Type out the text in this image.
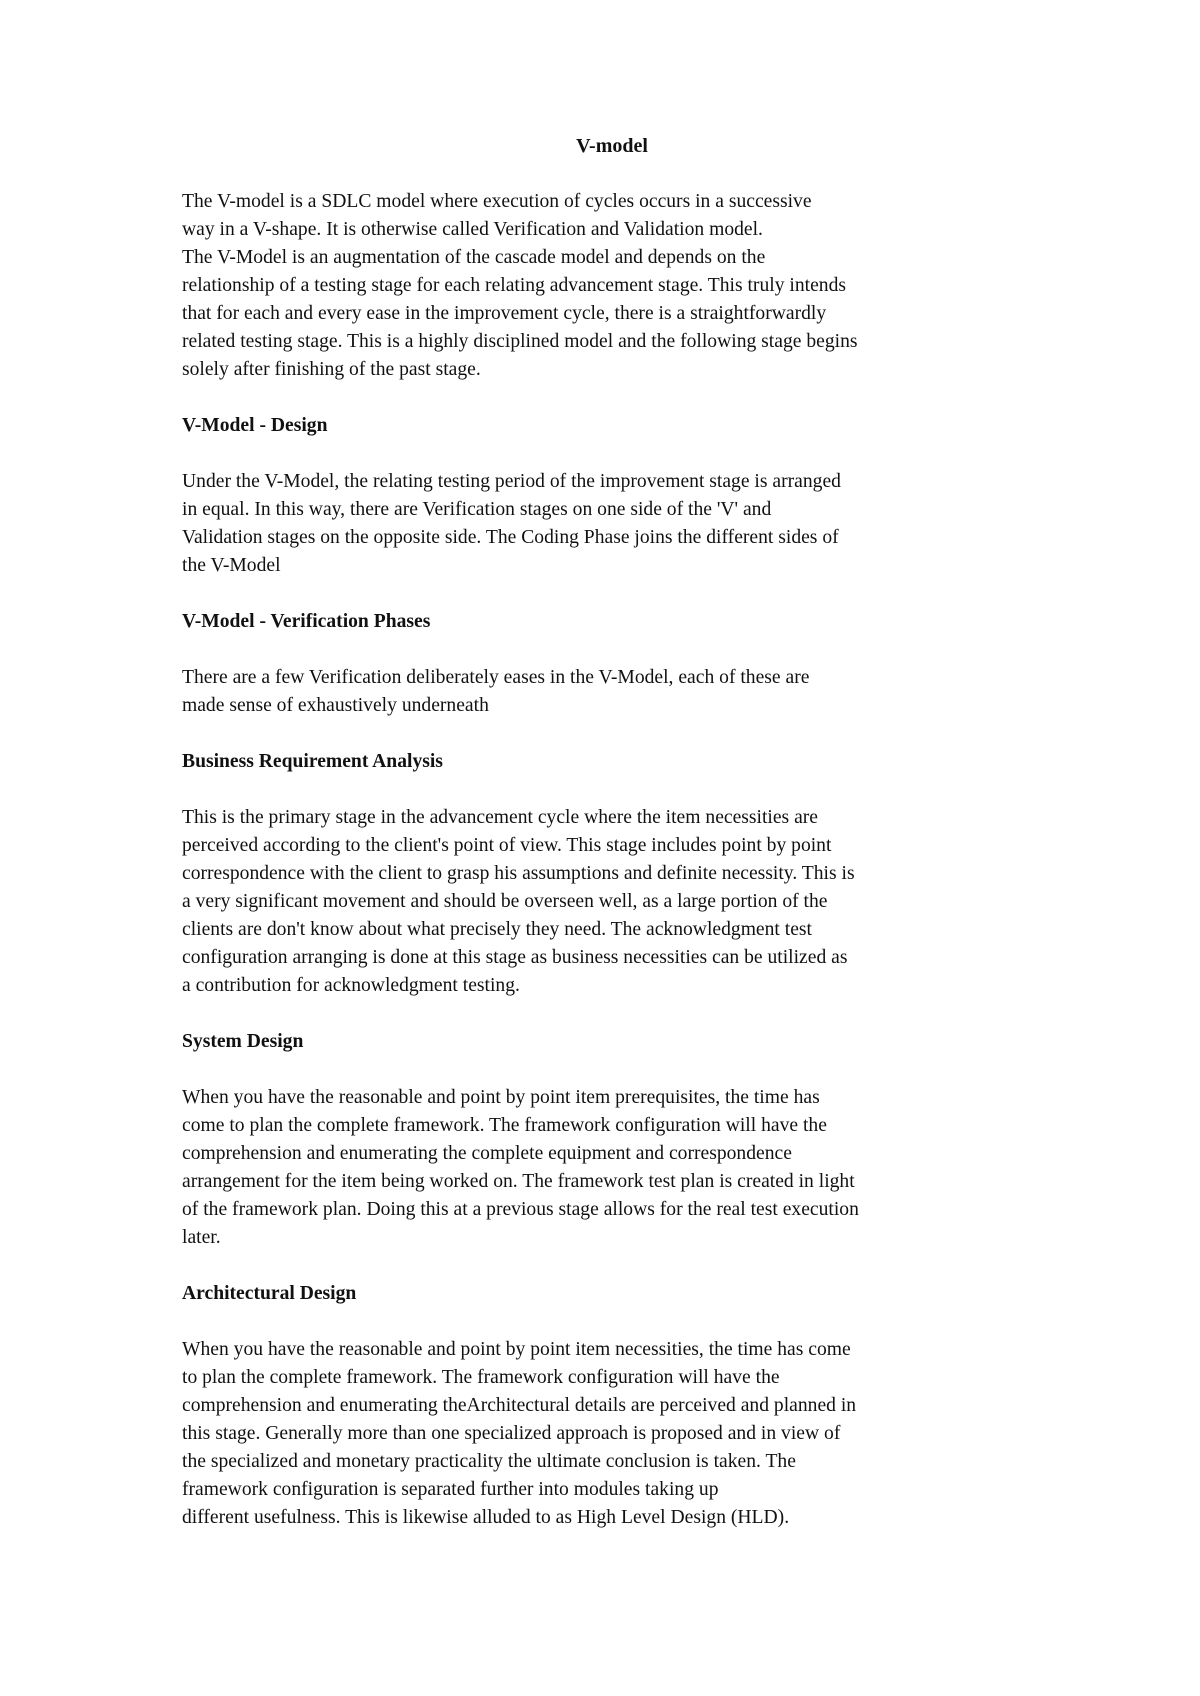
V-model
The V-model is a SDLC model where execution of cycles occurs in a successive
way in a V-shape. It is otherwise called Verification and Validation model.
The V-Model is an augmentation of the cascade model and depends on the
relationship of a testing stage for each relating advancement stage. This truly intends
that for each and every ease in the improvement cycle, there is a straightforwardly
related testing stage. This is a highly disciplined model and the following stage begins
solely after finishing of the past stage.
V-Model - Design
Under the V-Model, the relating testing period of the improvement stage is arranged
in equal. In this way, there are Verification stages on one side of the 'V' and
Validation stages on the opposite side. The Coding Phase joins the different sides of
the V-Model
V-Model - Verification Phases
There are a few Verification deliberately eases in the V-Model, each of these are
made sense of exhaustively underneath
Business Requirement Analysis
This is the primary stage in the advancement cycle where the item necessities are
perceived according to the client's point of view. This stage includes point by point
correspondence with the client to grasp his assumptions and definite necessity. This is
a very significant movement and should be overseen well, as a large portion of the
clients are don't know about what precisely they need. The acknowledgment test
configuration arranging is done at this stage as business necessities can be utilized as
a contribution for acknowledgment testing.
System Design
When you have the reasonable and point by point item prerequisites, the time has
come to plan the complete framework. The framework configuration will have the
comprehension and enumerating the complete equipment and correspondence
arrangement for the item being worked on. The framework test plan is created in light
of the framework plan. Doing this at a previous stage allows for the real test execution
later.
Architectural Design
When you have the reasonable and point by point item necessities, the time has come
to plan the complete framework. The framework configuration will have the
comprehension and enumerating theArchitectural details are perceived and planned in
this stage. Generally more than one specialized approach is proposed and in view of
the specialized and monetary practicality the ultimate conclusion is taken. The
framework configuration is separated further into modules taking up
different usefulness. This is likewise alluded to as High Level Design (HLD).
